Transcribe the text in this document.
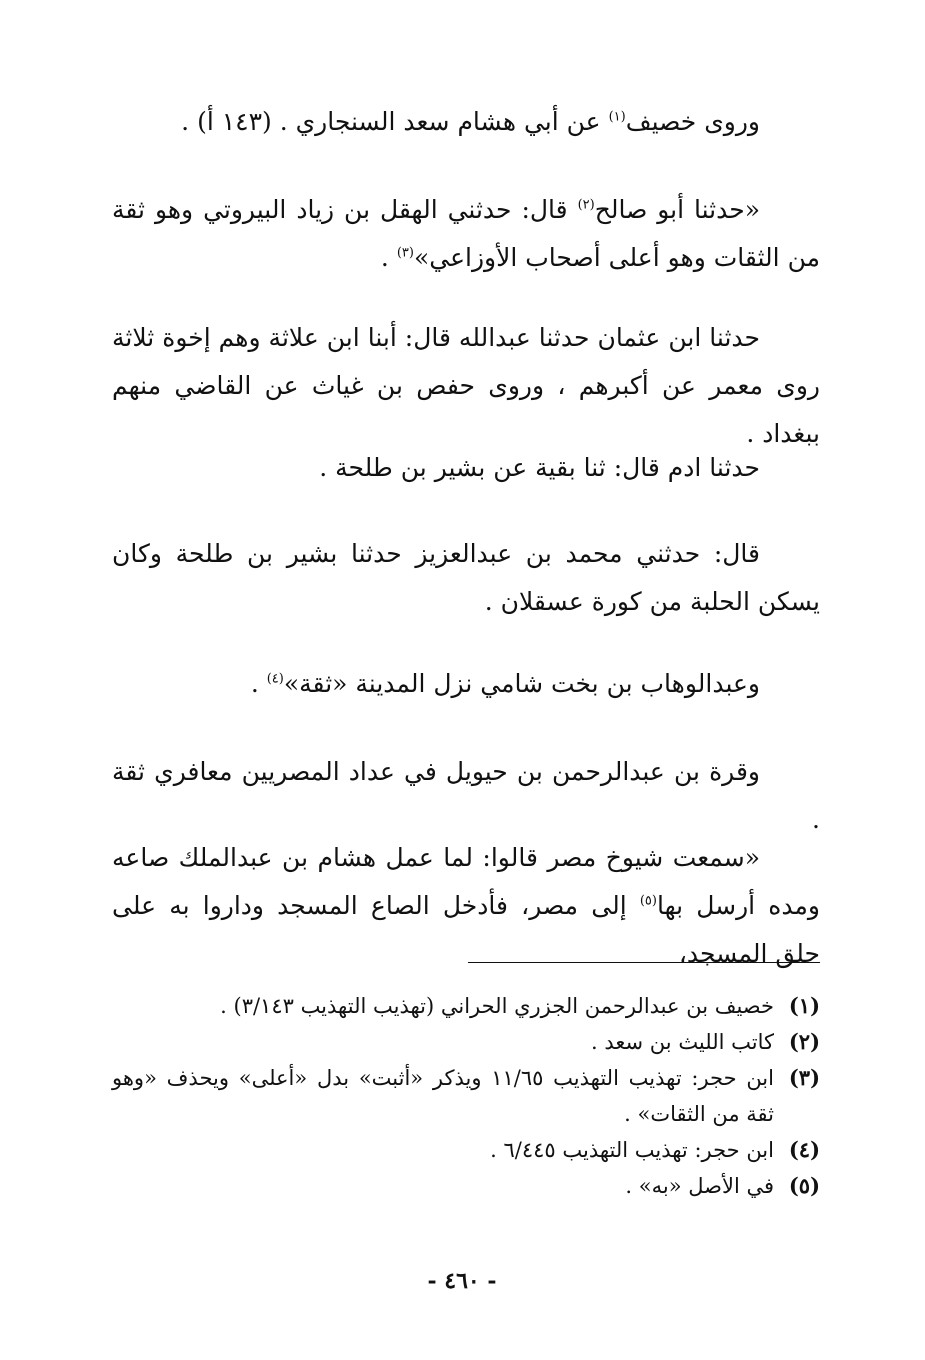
وروى خصيف$^{(١)}$ عن أبي هشام سعد السنجاري . (١٤٣ أ) .

«حدثنا أبو صالح$^{(٢)}$ قال: حدثني الهقل بن زياد البيروتي وهو ثقة من الثقات وهو أعلى أصحاب الأوزاعي»$^{(٣)}$ .

حدثنا ابن عثمان حدثنا عبدالله قال: أبنا ابن علاثة وهم إخوة ثلاثة روى معمر عن أكبرهم ، وروى حفص بن غياث عن القاضي منهم ببغداد .

حدثنا ادم قال: ثنا بقية عن بشير بن طلحة .

قال: حدثني محمد بن عبدالعزيز حدثنا بشير بن طلحة وكان يسكن الحلبة من كورة عسقلان .

وعبدالوهاب بن بخت شامي نزل المدينة «ثقة»$^{(٤)}$ .

وقرة بن عبدالرحمن بن حيويل في عداد المصريين معافري ثقة .

«سمعت شيوخ مصر قالوا: لما عمل هشام بن عبدالملك صاعه ومده أرسل بها$^{(٥)}$ إلى مصر، فأدخل الصاع المسجد وداروا به على حلق المسجد،

(١)
خصيف بن عبدالرحمن الجزري الحراني (تهذيب التهذيب ٣/١٤٣) .
(٢)
كاتب الليث بن سعد .
(٣)
ابن حجر: تهذيب التهذيب ١١/٦٥ ويذكر «أثبت» بدل «أعلى» ويحذف «وهو ثقة من الثقات» .
(٤)
ابن حجر: تهذيب التهذيب ٦/٤٤٥ .
(٥)
في الأصل «به» .
- ٤٦٠ -
